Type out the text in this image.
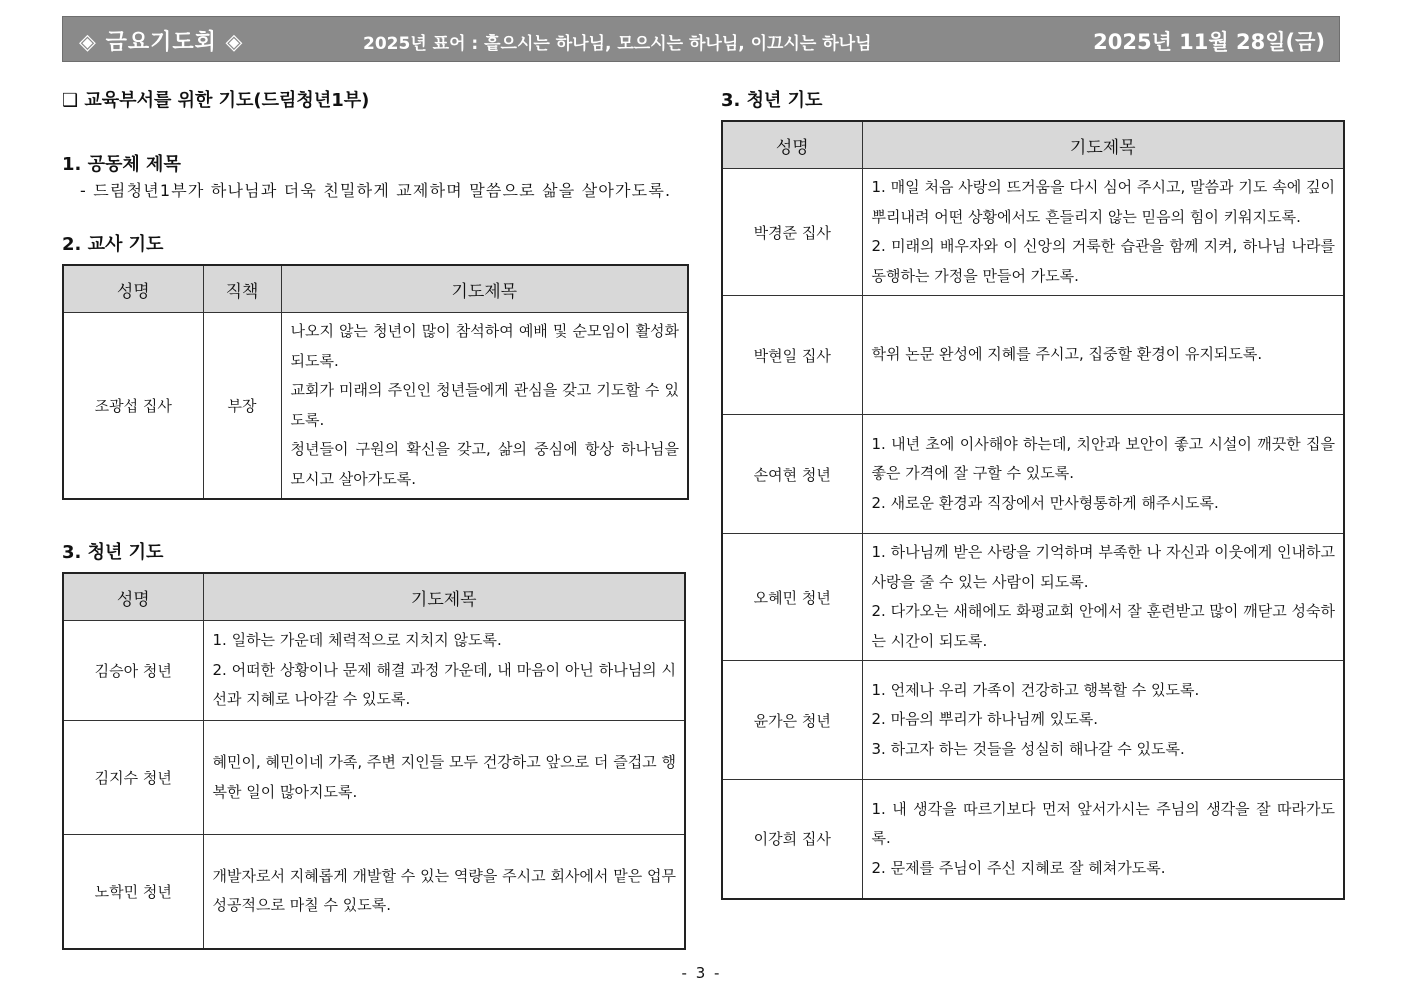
◈ 금요기도회 ◈	2025년 표어 : 흩으시는 하나님, 모으시는 하나님, 이끄시는 하나님	2025년 11월 28일(금)
❑ 교육부서를 위한 기도(드림청년1부)
1. 공동체 제목
- 드림청년1부가 하나님과 더욱 친밀하게 교제하며 말씀으로 삶을 살아가도록.
2. 교사 기도
성명	직책	기도제목
조광섭 집사	부장	나오지 않는 청년이 많이 참석하여 예배 및 순모임이 활성화되도록.
교회가 미래의 주인인 청년들에게 관심을 갖고 기도할 수 있도록.
청년들이 구원의 확신을 갖고, 삶의 중심에 항상 하나님을 모시고 살아가도록.
3. 청년 기도
성명	기도제목
김승아 청년	1. 일하는 가운데 체력적으로 지치지 않도록.
2. 어떠한 상황이나 문제 해결 과정 가운데, 내 마음이 아닌 하나님의 시선과 지혜로 나아갈 수 있도록.

김지수 청년	혜민이, 혜민이네 가족, 주변 지인들 모두 건강하고 앞으로 더 즐겁고 행복한 일이 많아지도록.

노학민 청년	개발자로서 지혜롭게 개발할 수 있는 역량을 주시고 회사에서 맡은 업무 성공적으로 마칠 수 있도록.
3. 청년 기도
성명	기도제목
박경준 집사	1. 매일 처음 사랑의 뜨거움을 다시 심어 주시고, 말씀과 기도 속에 깊이 뿌리내려 어떤 상황에서도 흔들리지 않는 믿음의 힘이 키워지도록.
2. 미래의 배우자와 이 신앙의 거룩한 습관을 함께 지켜, 하나님 나라를 동행하는 가정을 만들어 가도록.

박현일 집사	학위 논문 완성에 지혜를 주시고, 집중할 환경이 유지되도록.

손여현 청년	1. 내년 초에 이사해야 하는데, 치안과 보안이 좋고 시설이 깨끗한 집을 좋은 가격에 잘 구할 수 있도록.
2. 새로운 환경과 직장에서 만사형통하게 해주시도록.

오혜민 청년	1. 하나님께 받은 사랑을 기억하며 부족한 나 자신과 이웃에게 인내하고 사랑을 줄 수 있는 사람이 되도록.
2. 다가오는 새해에도 화평교회 안에서 잘 훈련받고 많이 깨닫고 성숙하는 시간이 되도록.

윤가은 청년	1. 언제나 우리 가족이 건강하고 행복할 수 있도록.
2. 마음의 뿌리가 하나님께 있도록.
3. 하고자 하는 것들을 성실히 해나갈 수 있도록.

이강희 집사	1. 내 생각을 따르기보다 먼저 앞서가시는 주님의 생각을 잘 따라가도록.
2. 문제를 주님이 주신 지혜로 잘 헤쳐가도록.
- 3 -
